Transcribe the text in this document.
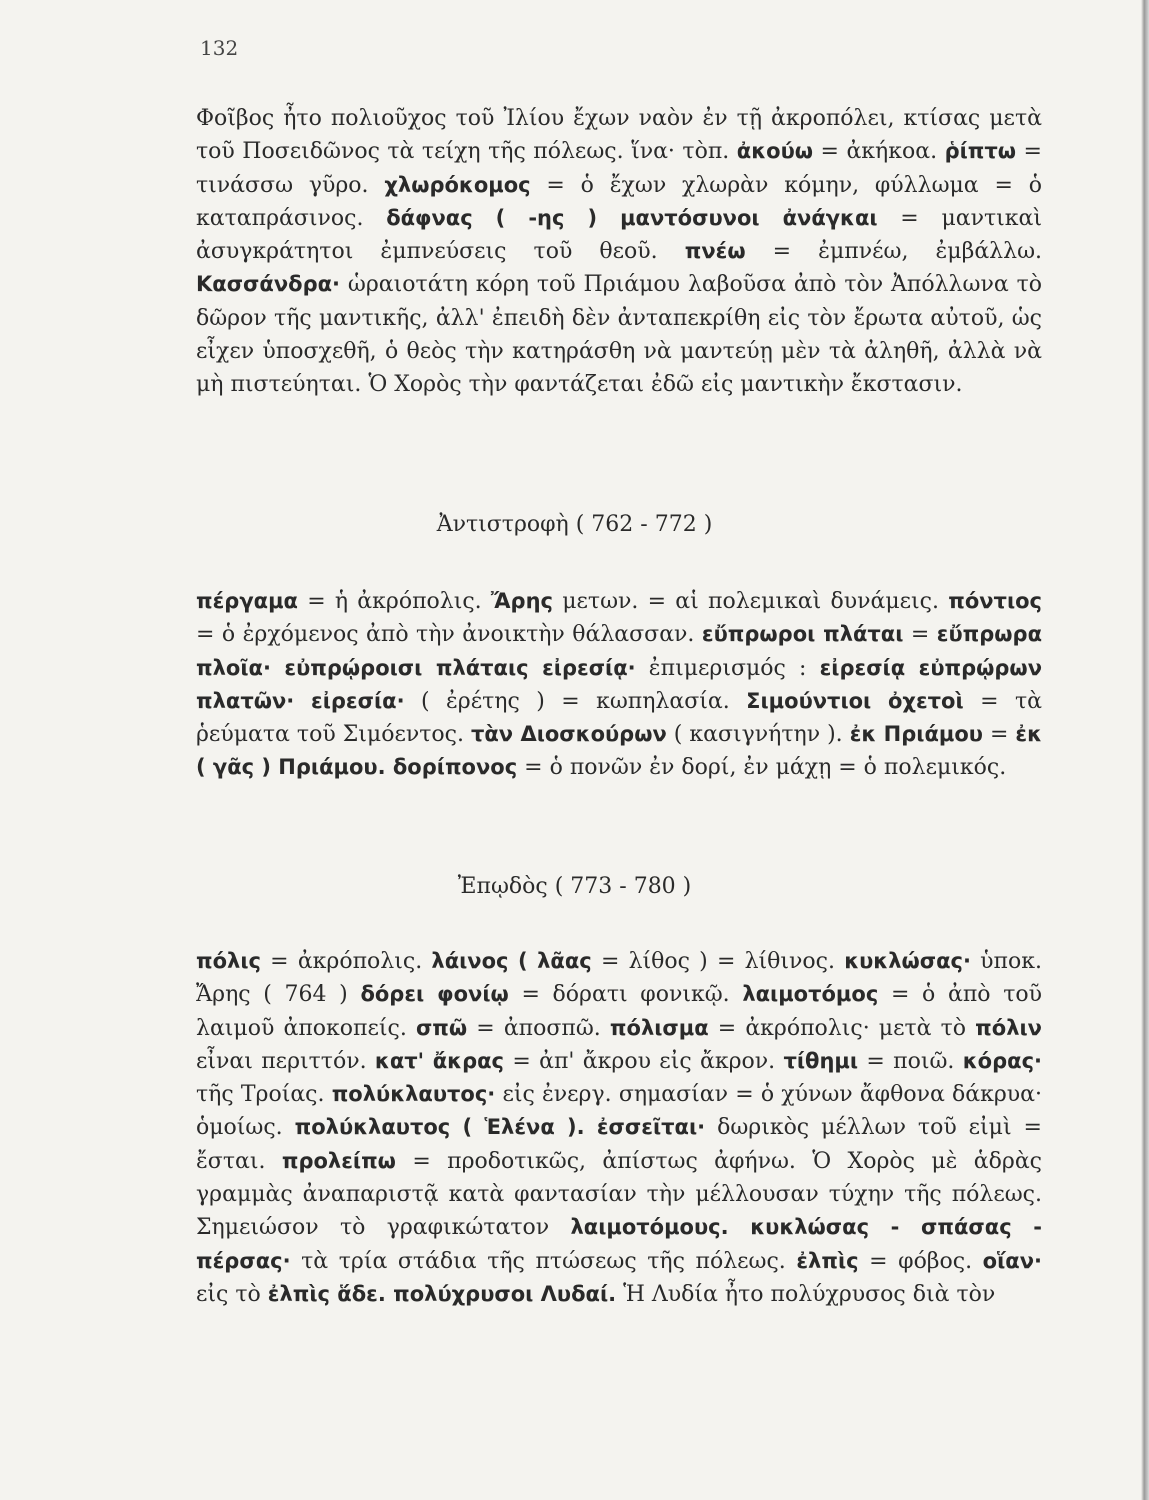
132

Φοῖβος ἦτο πολιοῦχος τοῦ Ἰλίου ἔχων ναὸν ἐν τῇ ἀκροπόλει, κτίσας μετὰ τοῦ Ποσειδῶνος τὰ τείχη τῆς πόλεως. ἵνα· τὸπ. ἀκούω = ἀκήκοα. ῥίπτω = τινάσσω γῦρο. χλωρόκομος = ὁ ἔχων χλωρὰν κόμην, φύλλωμα = ὁ καταπράσινος. δάφνας ( -ης ) μαντόσυνοι ἀνάγκαι = μαντικαὶ ἀσυγκράτητοι ἐμπνεύσεις τοῦ θεοῦ. πνέω = ἐμπνέω, ἐμβάλλω. Κασσάνδρα· ὡραιοτάτη κόρη τοῦ Πριάμου λαβοῦσα ἀπὸ τὸν Ἀπόλλωνα τὸ δῶρον τῆς μαντικῆς, ἀλλ' ἐπειδὴ δὲν ἀνταπεκρίθη εἰς τὸν ἔρωτα αὐτοῦ, ὡς εἶχεν ὑποσχεθῆ, ὁ θεὸς τὴν κατηράσθη νὰ μαντεύῃ μὲν τὰ ἀληθῆ, ἀλλὰ νὰ μὴ πιστεύηται. Ὁ Χορὸς τὴν φαντάζεται ἐδῶ εἰς μαντικὴν ἔκστασιν.

Ἀντιστροφὴ ( 762 - 772 )

πέργαμα = ἡ ἀκρόπολις. Ἄρης μετων. = αἱ πολεμικαὶ δυνάμεις. πόντιος = ὁ ἐρχόμενος ἀπὸ τὴν ἀνοικτὴν θάλασσαν. εὔπρωροι πλάται = εὔπρωρα πλοῖα· εὐπρῴροισι πλάταις εἰρεσίᾳ· ἐπιμερισμός : εἰρεσίᾳ εὐπρῴρων πλατῶν· εἰρεσία· ( ἐρέτης ) = κωπηλασία. Σιμούντιοι ὀχετοὶ = τὰ ῥεύματα τοῦ Σιμόεντος. τὰν Διοσκούρων ( κασιγνήτην ). ἐκ Πριάμου = ἐκ ( γᾶς ) Πριάμου. δορίπονος = ὁ πονῶν ἐν δορί, ἐν μάχῃ = ὁ πολεμικός.

Ἐπῳδὸς ( 773 - 780 )

πόλις = ἀκρόπολις. λάινος ( λᾶας = λίθος ) = λίθινος. κυκλώσας· ὑποκ. Ἄρης ( 764 ) δόρει φονίῳ = δόρατι φονικῷ. λαιμοτόμος = ὁ ἀπὸ τοῦ λαιμοῦ ἀποκοπείς. σπῶ = ἀποσπῶ. πόλισμα = ἀκρόπολις· μετὰ τὸ πόλιν εἶναι περιττόν. κατ' ἄκρας = ἀπ' ἄκρου εἰς ἄκρον. τίθημι = ποιῶ. κόρας· τῆς Τροίας. πολύκλαυτος· εἰς ἐνεργ. σημασίαν = ὁ χύνων ἄφθονα δάκρυα· ὁμοίως. πολύκλαυτος ( Ἑλένα ). ἐσσεῖται· δωρικὸς μέλλων τοῦ εἰμὶ = ἔσται. προλείπω = προδοτικῶς, ἀπίστως ἀφήνω. Ὁ Χορὸς μὲ ἁδρὰς γραμμὰς ἀναπαριστᾷ κατὰ φαντασίαν τὴν μέλλουσαν τύχην τῆς πόλεως. Σημειώσον τὸ γραφικώτατον λαιμοτόμους. κυκλώσας - σπάσας - πέρσας· τὰ τρία στάδια τῆς πτώσεως τῆς πόλεως. ἐλπὶς = φόβος. οἵαν· εἰς τὸ ἐλπὶς ἅδε. πολύχρυσοι Λυδαί. Ἡ Λυδία ἦτο πολύχρυσος διὰ τὸν
